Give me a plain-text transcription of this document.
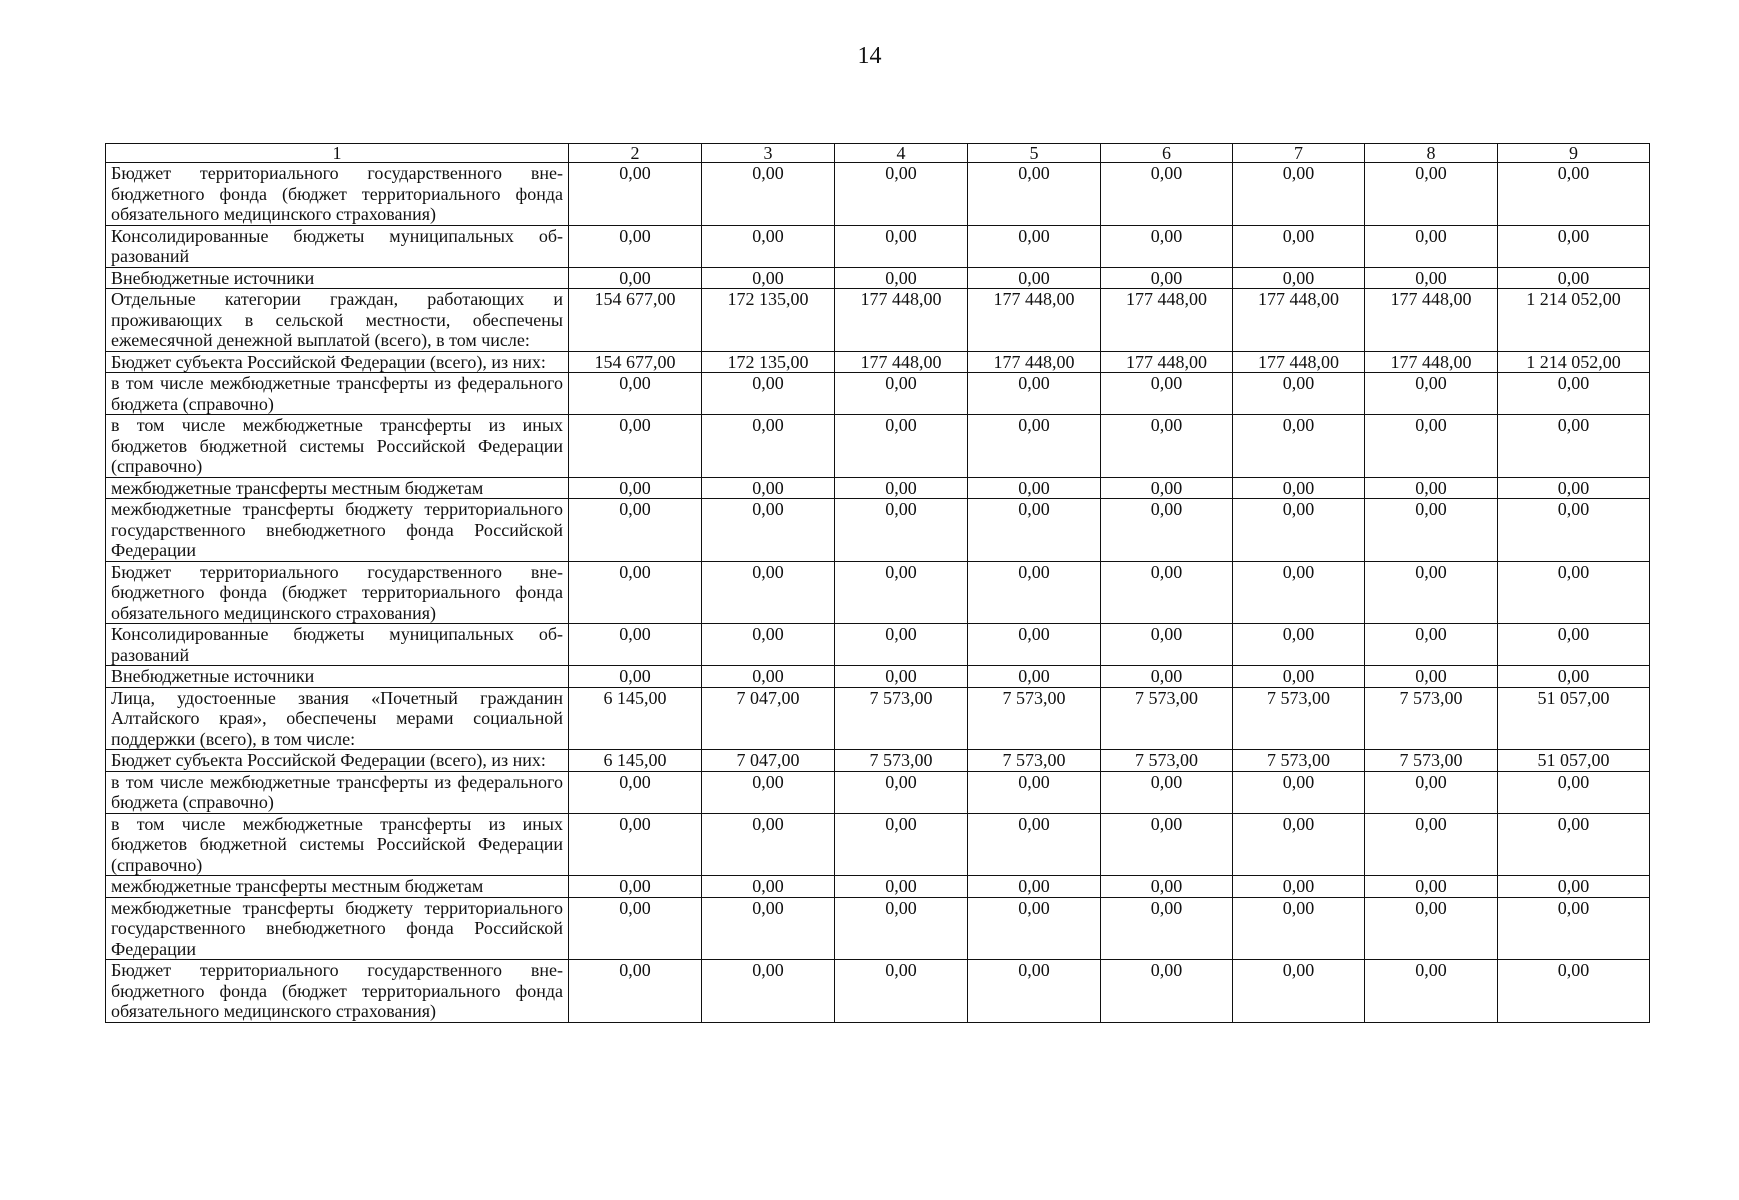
14
1	2	3	4	5	6	7	8	9
Бюджет территориального государственного внебюджетного фонда (бюджет территориального фонда обязательного медицинского страхования)	0,00	0,00	0,00	0,00	0,00	0,00	0,00	0,00
Консолидированные бюджеты муниципальных образований	0,00	0,00	0,00	0,00	0,00	0,00	0,00	0,00
Внебюджетные источники	0,00	0,00	0,00	0,00	0,00	0,00	0,00	0,00
Отдельные категории граждан, работающих и проживающих в сельской местности, обеспечены ежемесячной денежной выплатой (всего), в том числе:	154 677,00	172 135,00	177 448,00	177 448,00	177 448,00	177 448,00	177 448,00	1 214 052,00
Бюджет субъекта Российской Федерации (всего), из них:	154 677,00	172 135,00	177 448,00	177 448,00	177 448,00	177 448,00	177 448,00	1 214 052,00
в том числе межбюджетные трансферты из федерального бюджета (справочно)	0,00	0,00	0,00	0,00	0,00	0,00	0,00	0,00
в том числе межбюджетные трансферты из иных бюджетов бюджетной системы Российской Федерации (справочно)	0,00	0,00	0,00	0,00	0,00	0,00	0,00	0,00
межбюджетные трансферты местным бюджетам	0,00	0,00	0,00	0,00	0,00	0,00	0,00	0,00
межбюджетные трансферты бюджету территориального государственного внебюджетного фонда Российской Федерации	0,00	0,00	0,00	0,00	0,00	0,00	0,00	0,00
Бюджет территориального государственного внебюджетного фонда (бюджет территориального фонда обязательного медицинского страхования)	0,00	0,00	0,00	0,00	0,00	0,00	0,00	0,00
Консолидированные бюджеты муниципальных образований	0,00	0,00	0,00	0,00	0,00	0,00	0,00	0,00
Внебюджетные источники	0,00	0,00	0,00	0,00	0,00	0,00	0,00	0,00
Лица, удостоенные звания «Почетный гражданин Алтайского края», обеспечены мерами социальной поддержки (всего), в том числе:	6 145,00	7 047,00	7 573,00	7 573,00	7 573,00	7 573,00	7 573,00	51 057,00
Бюджет субъекта Российской Федерации (всего), из них:	6 145,00	7 047,00	7 573,00	7 573,00	7 573,00	7 573,00	7 573,00	51 057,00
в том числе межбюджетные трансферты из федерального бюджета (справочно)	0,00	0,00	0,00	0,00	0,00	0,00	0,00	0,00
в том числе межбюджетные трансферты из иных бюджетов бюджетной системы Российской Федерации (справочно)	0,00	0,00	0,00	0,00	0,00	0,00	0,00	0,00
межбюджетные трансферты местным бюджетам	0,00	0,00	0,00	0,00	0,00	0,00	0,00	0,00
межбюджетные трансферты бюджету территориального государственного внебюджетного фонда Российской Федерации	0,00	0,00	0,00	0,00	0,00	0,00	0,00	0,00
Бюджет территориального государственного внебюджетного фонда (бюджет территориального фонда обязательного медицинского страхования)	0,00	0,00	0,00	0,00	0,00	0,00	0,00	0,00
